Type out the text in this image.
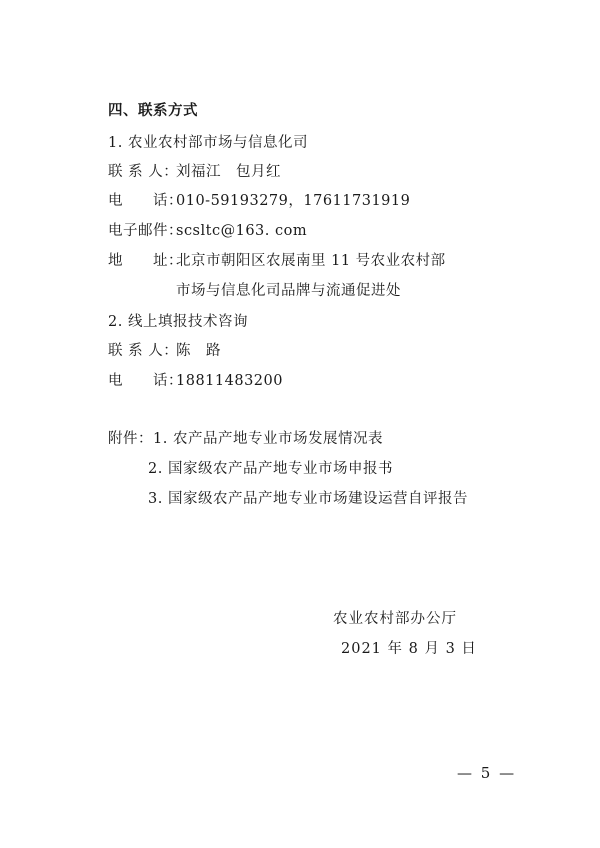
四、联系方式
1. 农业农村部市场与信息化司
联 系 人：刘福江　包月红
电　　话：010-59193279，17611731919
电子邮件：scsltc@163. com
地　　址：北京市朝阳区农展南里 11 号农业农村部
市场与信息化司品牌与流通促进处
2. 线上填报技术咨询
联 系 人：陈　路
电　　话：18811483200
附件：1. 农产品产地专业市场发展情况表
2. 国家级农产品产地专业市场申报书
3. 国家级农产品产地专业市场建设运营自评报告
农业农村部办公厅
2021 年 8 月 3 日
— 5 —
